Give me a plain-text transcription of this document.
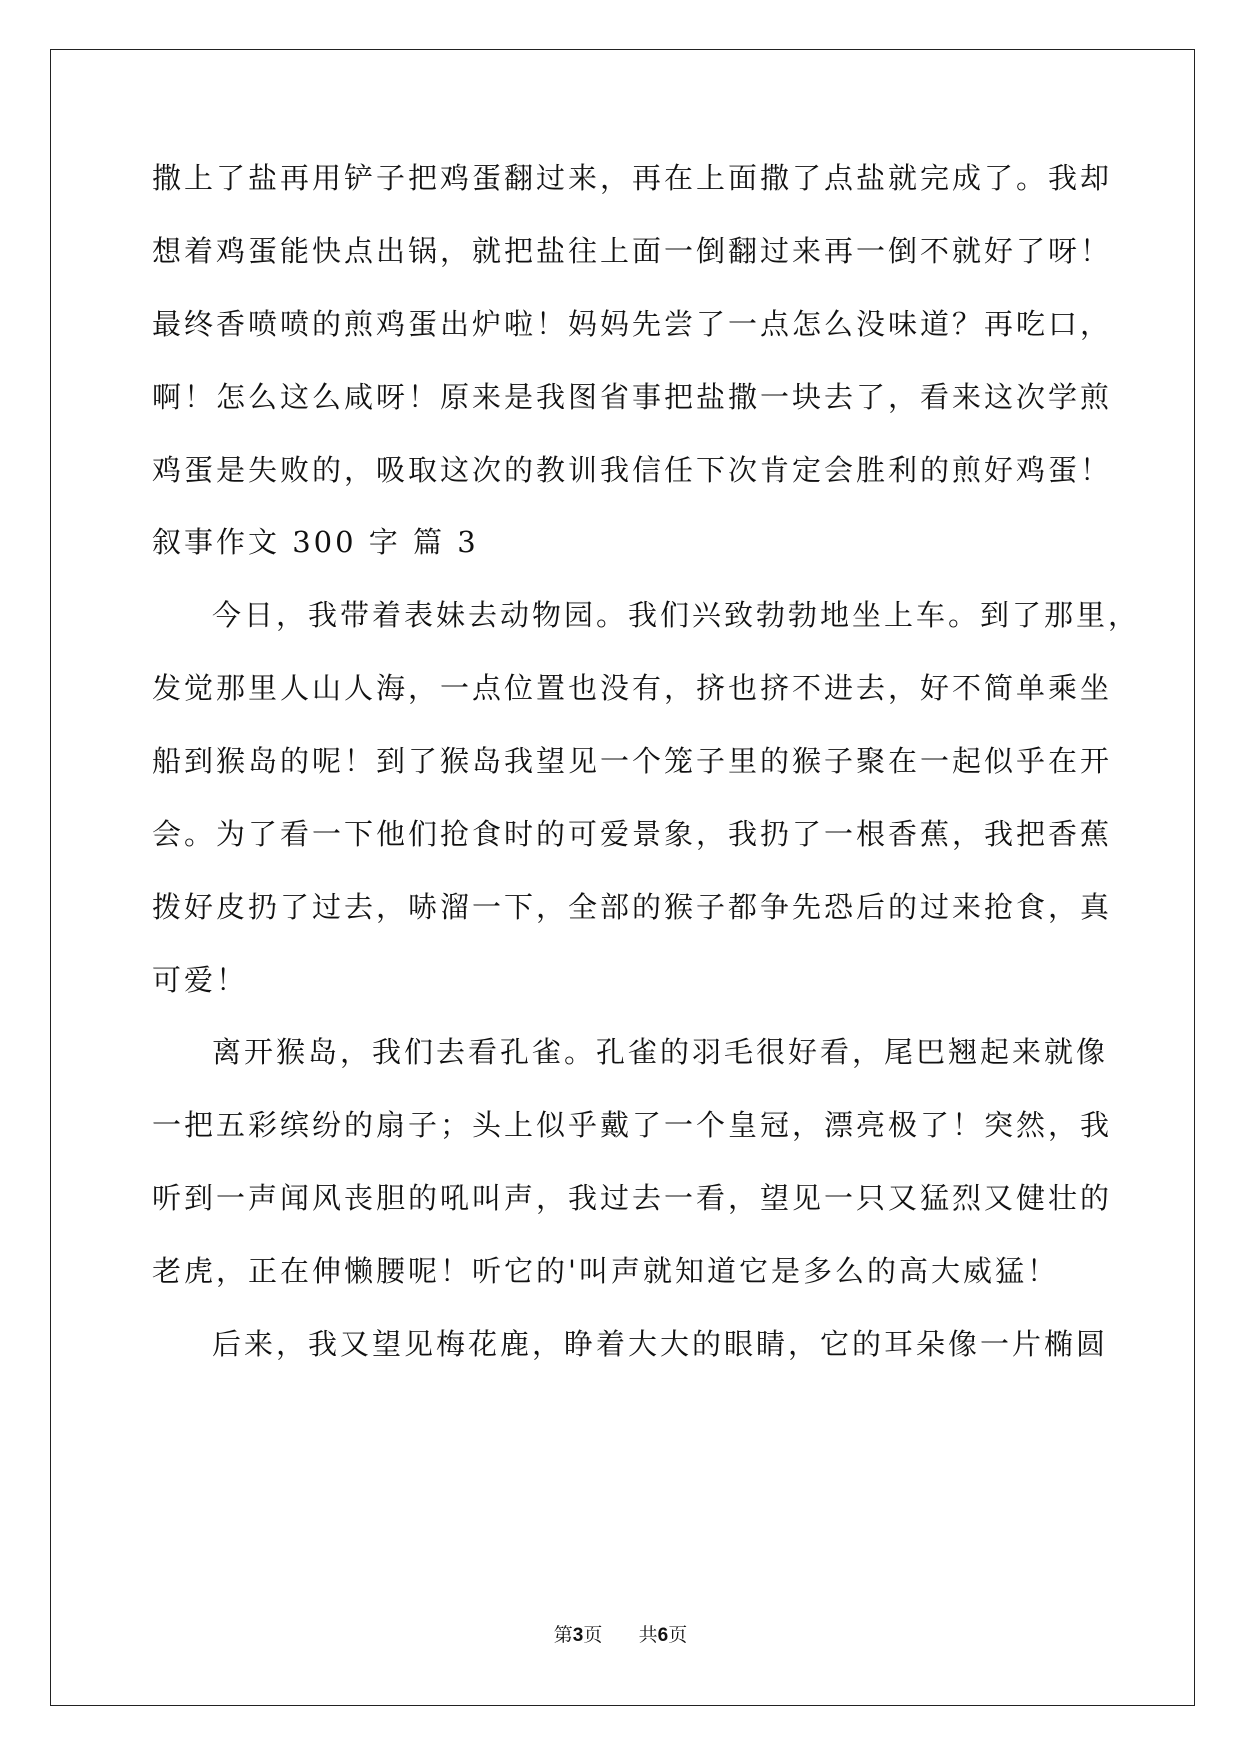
撒上了盐再用铲子把鸡蛋翻过来，再在上面撒了点盐就完成了。我却
想着鸡蛋能快点出锅，就把盐往上面一倒翻过来再一倒不就好了呀！
最终香喷喷的煎鸡蛋出炉啦！妈妈先尝了一点怎么没味道？再吃口，
啊！怎么这么咸呀！原来是我图省事把盐撒一块去了，看来这次学煎
鸡蛋是失败的，吸取这次的教训我信任下次肯定会胜利的煎好鸡蛋！
叙事作文 300 字 篇 3
今日，我带着表妹去动物园。我们兴致勃勃地坐上车。到了那里，
发觉那里人山人海，一点位置也没有，挤也挤不进去，好不简单乘坐
船到猴岛的呢！到了猴岛我望见一个笼子里的猴子聚在一起似乎在开
会。为了看一下他们抢食时的可爱景象，我扔了一根香蕉，我把香蕉
拨好皮扔了过去，哧溜一下，全部的猴子都争先恐后的过来抢食，真
可爱！
离开猴岛，我们去看孔雀。孔雀的羽毛很好看，尾巴翘起来就像
一把五彩缤纷的扇子；头上似乎戴了一个皇冠，漂亮极了！突然，我
听到一声闻风丧胆的吼叫声，我过去一看，望见一只又猛烈又健壮的
老虎，正在伸懒腰呢！听它的'叫声就知道它是多么的高大威猛！
后来，我又望见梅花鹿，睁着大大的眼睛，它的耳朵像一片椭圆
第3页 共6页
